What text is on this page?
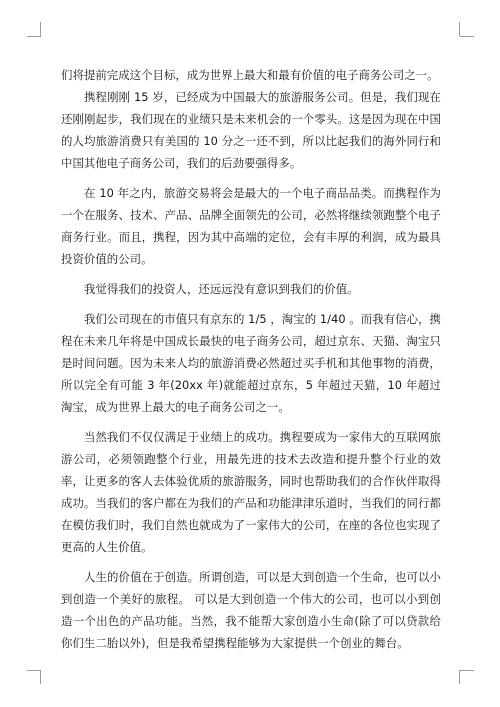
们将提前完成这个目标，成为世界上最大和最有价值的电子商务公司之一。

携程刚刚 15 岁，已经成为中国最大的旅游服务公司。但是，我们现在还刚刚起步，我们现在的业绩只是未来机会的一个零头。这是因为现在中国的人均旅游消费只有美国的 10 分之一还不到，所以比起我们的海外同行和中国其他电子商务公司，我们的后劲要强得多。

在 10 年之内，旅游交易将会是最大的一个电子商品品类。而携程作为一个在服务、技术、产品、品牌全面领先的公司，必然将继续领跑整个电子商务行业。而且，携程，因为其中高端的定位，会有丰厚的利润，成为最具投资价值的公司。

我觉得我们的投资人，还远远没有意识到我们的价值。

我们公司现在的市值只有京东的 1/5 ，淘宝的 1/40 。而我有信心，携程在未来几年将是中国成长最快的电子商务公司，超过京东、天猫、淘宝只是时间问题。因为未来人均的旅游消费必然超过买手机和其他事物的消费，所以完全有可能 3 年(20xx 年)就能超过京东，5 年超过天猫，10 年超过淘宝，成为世界上最大的电子商务公司之一。

当然我们不仅仅满足于业绩上的成功。携程要成为一家伟大的互联网旅游公司，必须领跑整个行业，用最先进的技术去改造和提升整个行业的效率，让更多的客人去体验优质的旅游服务，同时也帮助我们的合作伙伴取得成功。当我们的客户都在为我们的产品和功能津津乐道时，当我们的同行都在模仿我们时，我们自然也就成为了一家伟大的公司，在座的各位也实现了更高的人生价值。

人生的价值在于创造。所谓创造，可以是大到创造一个生命，也可以小到创造一个美好的旅程。 可以是大到创造一个伟大的公司，也可以小到创造一个出色的产品功能。当然，我不能帮大家创造小生命(除了可以贷款给你们生二胎以外)，但是我希望携程能够为大家提供一个创业的舞台。
